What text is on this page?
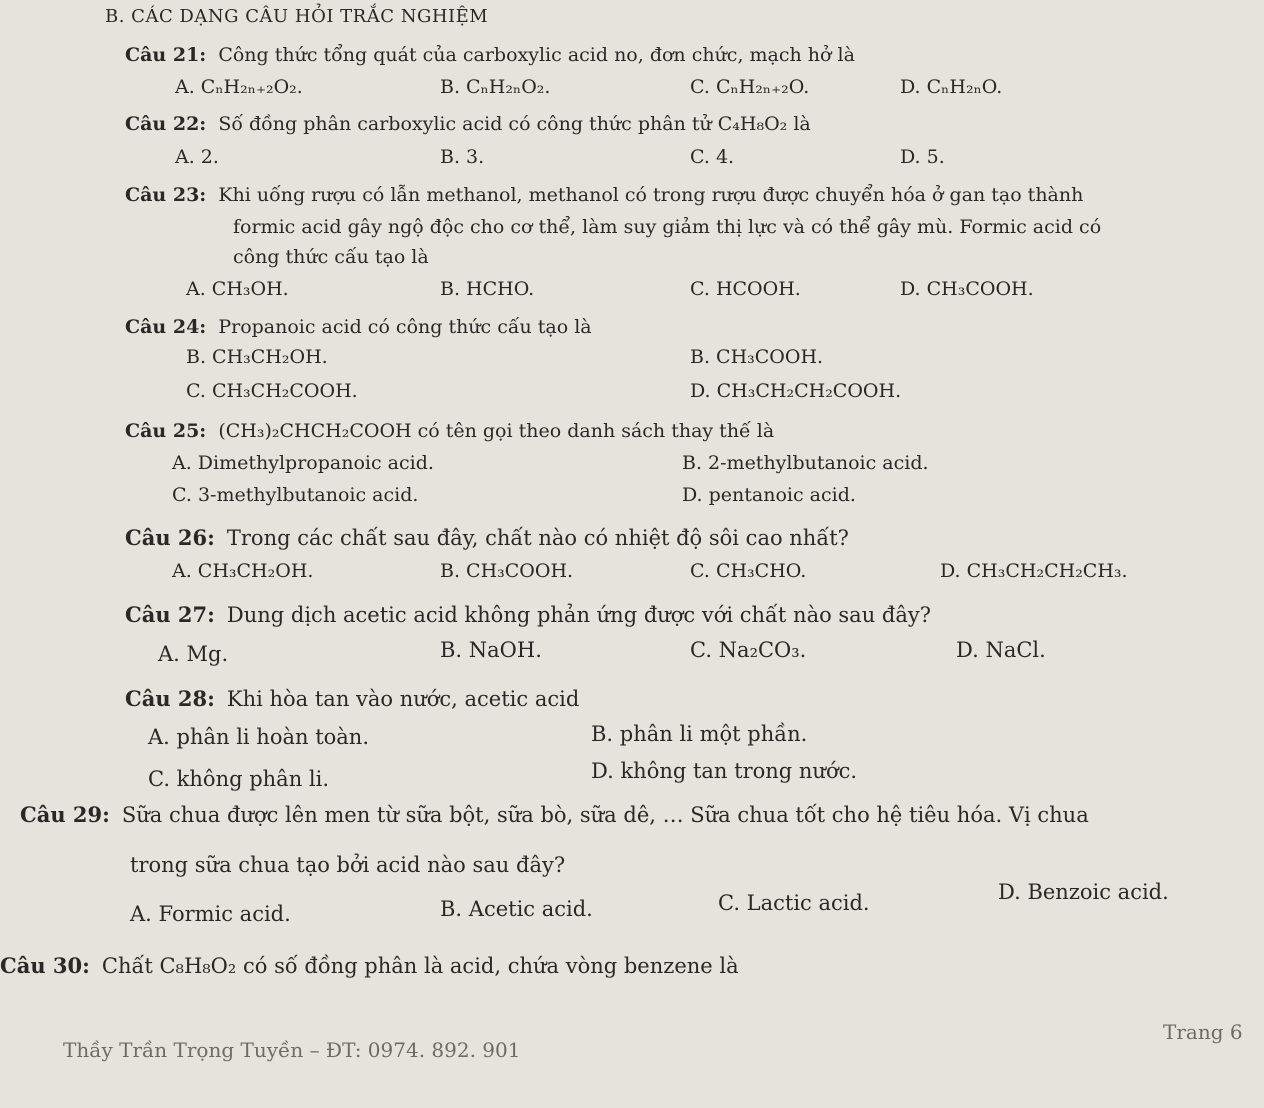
B. CÁC DẠNG CÂU HỎI TRẮC NGHIỆM
Câu 21: Công thức tổng quát của carboxylic acid no, đơn chức, mạch hở là
A. CₙH₂ₙ₊₂O₂.	B. CₙH₂ₙO₂.	C. CₙH₂ₙ₊₂O.	D. CₙH₂ₙO.
Câu 22: Số đồng phân carboxylic acid có công thức phân tử C₄H₈O₂ là
A. 2.	B. 3.	C. 4.	D. 5.
Câu 23: Khi uống rượu có lẫn methanol, methanol có trong rượu được chuyển hóa ở gan tạo thành
formic acid gây ngộ độc cho cơ thể, làm suy giảm thị lực và có thể gây mù. Formic acid có
công thức cấu tạo là
A. CH₃OH.	B. HCHO.	C. HCOOH.	D. CH₃COOH.
Câu 24: Propanoic acid có công thức cấu tạo là
B. CH₃CH₂OH.	B. CH₃COOH.
C. CH₃CH₂COOH.	D. CH₃CH₂CH₂COOH.
Câu 25: (CH₃)₂CHCH₂COOH có tên gọi theo danh sách thay thế là
A. Dimethylpropanoic acid.	B. 2-methylbutanoic acid.
C. 3-methylbutanoic acid.	D. pentanoic acid.
Câu 26: Trong các chất sau đây, chất nào có nhiệt độ sôi cao nhất?
A. CH₃CH₂OH.	B. CH₃COOH.	C. CH₃CHO.	D. CH₃CH₂CH₂CH₃.
Câu 27: Dung dịch acetic acid không phản ứng được với chất nào sau đây?
A. Mg.	B. NaOH.	C. Na₂CO₃.	D. NaCl.
Câu 28: Khi hòa tan vào nước, acetic acid
A. phân li hoàn toàn.	B. phân li một phần.
C. không phân li.	D. không tan trong nước.
Câu 29: Sữa chua được lên men từ sữa bột, sữa bò, sữa dê, … Sữa chua tốt cho hệ tiêu hóa. Vị chua
trong sữa chua tạo bởi acid nào sau đây?
A. Formic acid.	B. Acetic acid.	C. Lactic acid.	D. Benzoic acid.
Câu 30: Chất C₈H₈O₂ có số đồng phân là acid, chứa vòng benzene là
Thầy Trần Trọng Tuyền – ĐT: 0974. 892. 901
Trang 6
